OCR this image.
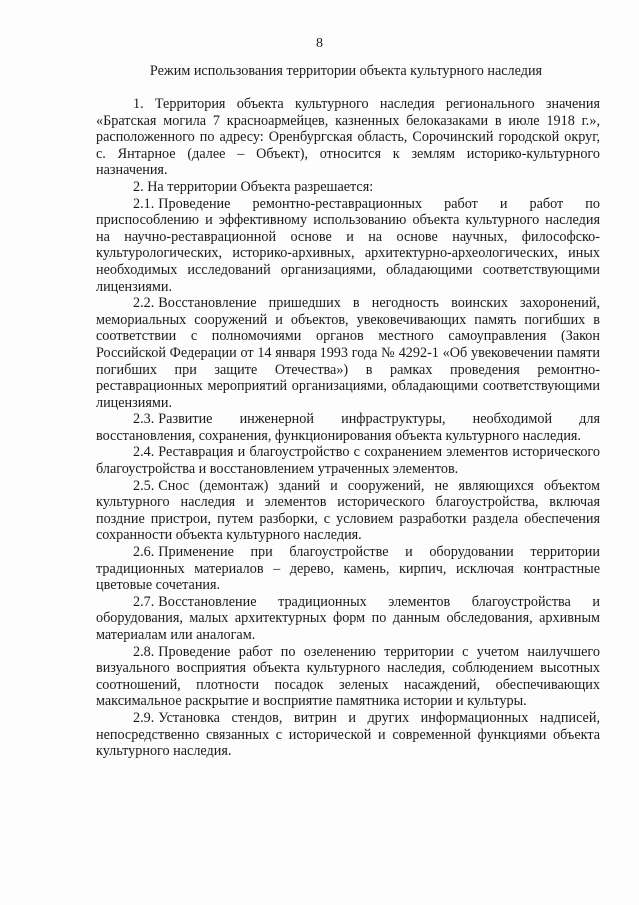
8
Режим использования территории объекта культурного наследия

1. Территория объекта культурного наследия регионального значения «Братская могила 7 красноармейцев, казненных белоказаками в июле 1918 г.», расположенного по адресу: Оренбургская область, Сорочинский городской округ, с. Янтарное (далее – Объект), относится к землям историко-культурного назначения.

2. На территории Объекта разрешается:

2.1. Проведение ремонтно-реставрационных работ и работ по приспособлению и эффективному использованию объекта культурного наследия на научно-реставрационной основе и на основе научных, философско-культурологических, историко-архивных, архитектурно-археологических, иных необходимых исследований организациями, обладающими соответствующими лицензиями.

2.2. Восстановление пришедших в негодность воинских захоронений, мемориальных сооружений и объектов, увековечивающих память погибших в соответствии с полномочиями органов местного самоуправления (Закон Российской Федерации от 14 января 1993 года № 4292-1 «Об увековечении памяти погибших при защите Отечества») в рамках проведения ремонтно-реставрационных мероприятий организациями, обладающими соответствующими лицензиями.

2.3. Развитие инженерной инфраструктуры, необходимой для восстановления, сохранения, функционирования объекта культурного наследия.

2.4. Реставрация и благоустройство с сохранением элементов исторического благоустройства и восстановлением утраченных элементов.

2.5. Снос (демонтаж) зданий и сооружений, не являющихся объектом культурного наследия и элементов исторического благоустройства, включая поздние пристрои, путем разборки, с условием разработки раздела обеспечения сохранности объекта культурного наследия.

2.6. Применение при благоустройстве и оборудовании территории традиционных материалов – дерево, камень, кирпич, исключая контрастные цветовые сочетания.

2.7. Восстановление традиционных элементов благоустройства и оборудования, малых архитектурных форм по данным обследования, архивным материалам или аналогам.

2.8. Проведение работ по озеленению территории с учетом наилучшего визуального восприятия объекта культурного наследия, соблюдением высотных соотношений, плотности посадок зеленых насаждений, обеспечивающих максимальное раскрытие и восприятие памятника истории и культуры.

2.9. Установка стендов, витрин и других информационных надписей, непосредственно связанных с исторической и современной функциями объекта культурного наследия.
